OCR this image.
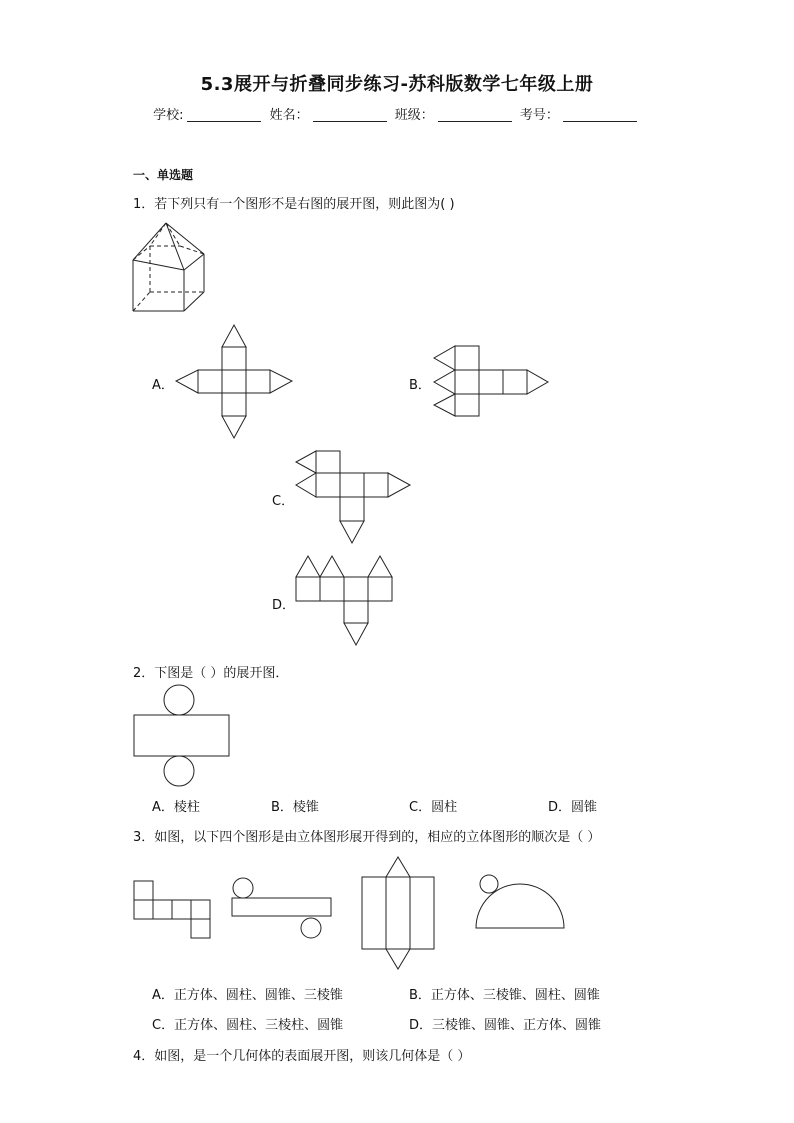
5.3展开与折叠同步练习-苏科版数学七年级上册
学校:	姓名：	班级：	考号：
一、单选题
1．若下列只有一个图形不是右图的展开图，则此图为( )
A．	B．
C．
D．
2．下图是（ ）的展开图．
A．棱柱	B．棱锥	C．圆柱	D．圆锥
3．如图，以下四个图形是由立体图形展开得到的，相应的立体图形的顺次是（ ）
A．正方体、圆柱、圆锥、三棱锥	B．正方体、三棱锥、圆柱、圆锥
C．正方体、圆柱、三棱柱、圆锥	D．三棱锥、圆锥、正方体、圆锥
4．如图，是一个几何体的表面展开图，则该几何体是（ ）
